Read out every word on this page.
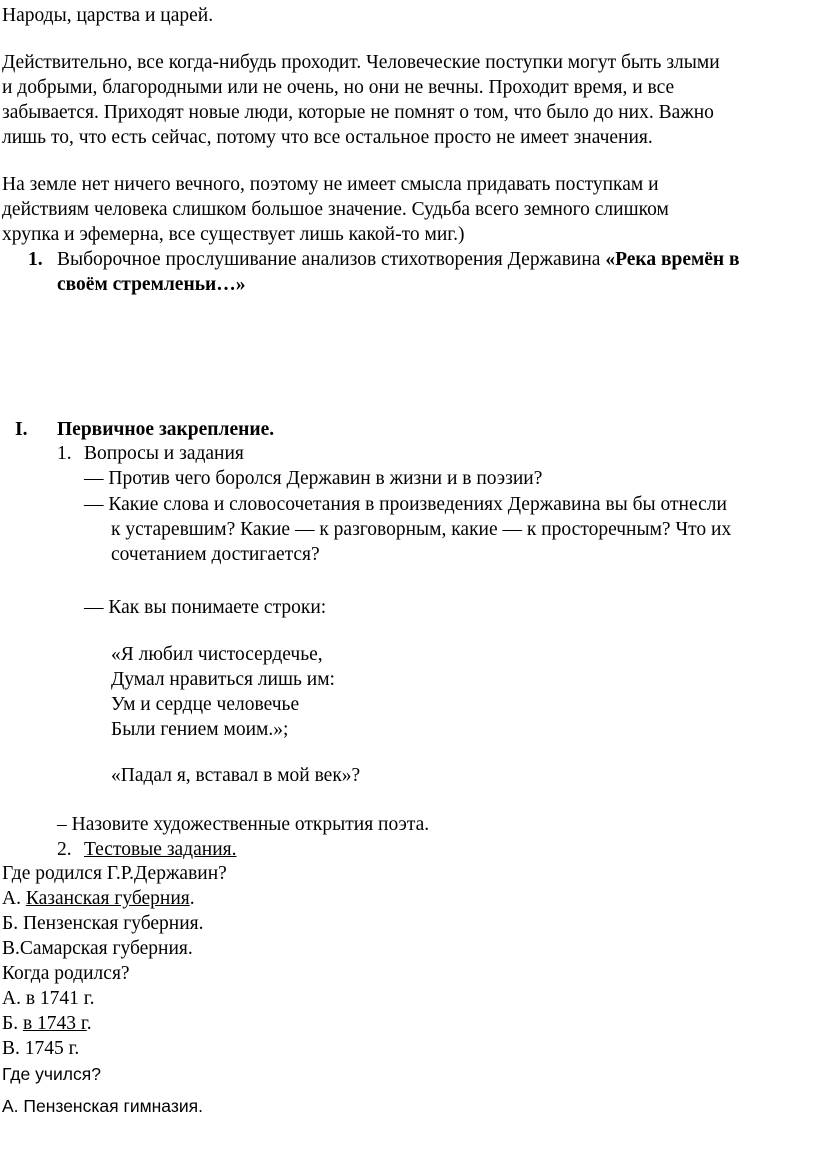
Народы, царства и царей.
Действительно, все когда-нибудь проходит. Человеческие поступки могут быть злыми
и добрыми, благородными или не очень, но они не вечны. Проходит время, и все
забывается. Приходят новые люди, которые не помнят о том, что было до них. Важно
лишь то, что есть сейчас, потому что все остальное просто не имеет значения.
На земле нет ничего вечного, поэтому не имеет смысла придавать поступкам и
действиям человека слишком большое значение. Судьба всего земного слишком
хрупка и эфемерна, все существует лишь какой-то миг.)
1. Выборочное прослушивание анализов стихотворения Державина «Река времён в
своём стремленьи…»
I. Первичное закрепление.
1. Вопросы и задания
— Против чего боролся Державин в жизни и в поэзии?
— Какие слова и словосочетания в произведениях Державина вы бы отнесли
к устаревшим? Какие — к разговорным, какие — к просторечным? Что их
сочетанием достигается?
— Как вы понимаете строки:
«Я любил чистосердечье,
Думал нравиться лишь им:
Ум и сердце человечье
Были гением моим.»;
«Падал я, вставал в мой век»?
– Назовите художественные открытия поэта.
2. Тестовые задания.
Где родился Г.Р.Державин?
А. Казанская губерния.
Б. Пензенская губерния.
В.Самарская губерния.
Когда родился?
А. в 1741 г.
Б. в 1743 г.
В. 1745 г.
Где учился?
А. Пензенская гимназия.
